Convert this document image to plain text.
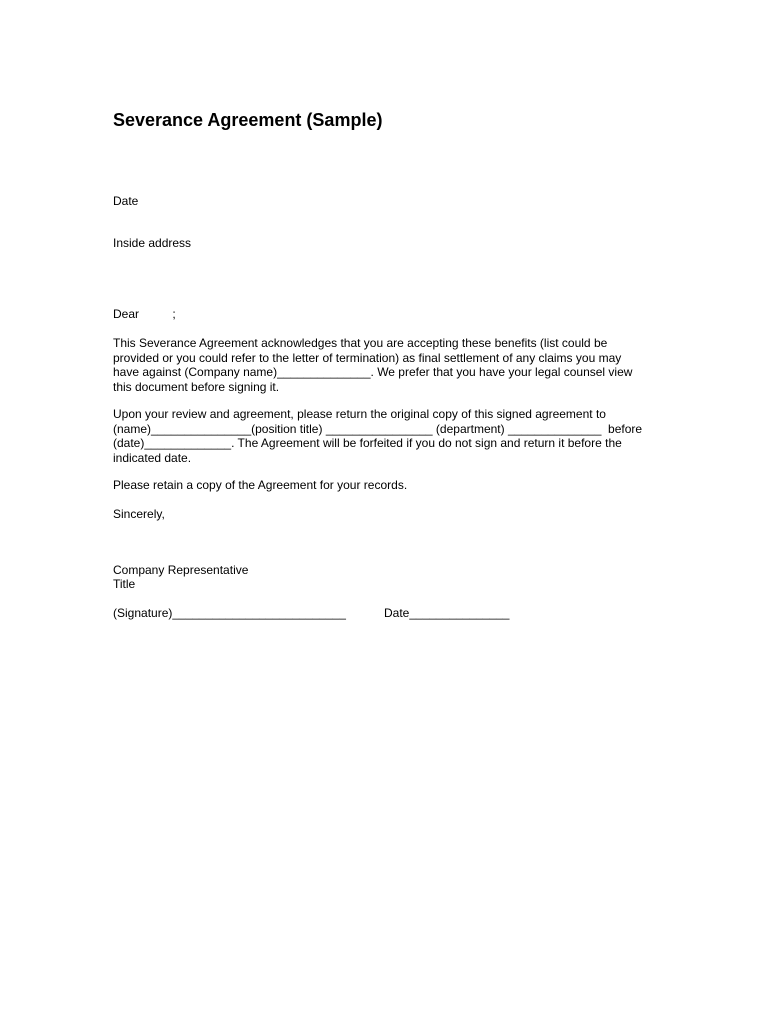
Severance Agreement (Sample)
Date
Inside address
Dear          ;
This Severance Agreement acknowledges that you are accepting these benefits (list could be
provided or you could refer to the letter of termination) as final settlement of any claims you may
have against (Company name)______________. We prefer that you have your legal counsel view
this document before signing it.
Upon your review and agreement, please return the original copy of this signed agreement to
(name)_______________(position title) ________________ (department) ______________  before
(date)_____________. The Agreement will be forfeited if you do not sign and return it before the
indicated date.
Please retain a copy of the Agreement for your records.
Sincerely,
Company Representative
Title
(Signature)__________________________	Date_______________
